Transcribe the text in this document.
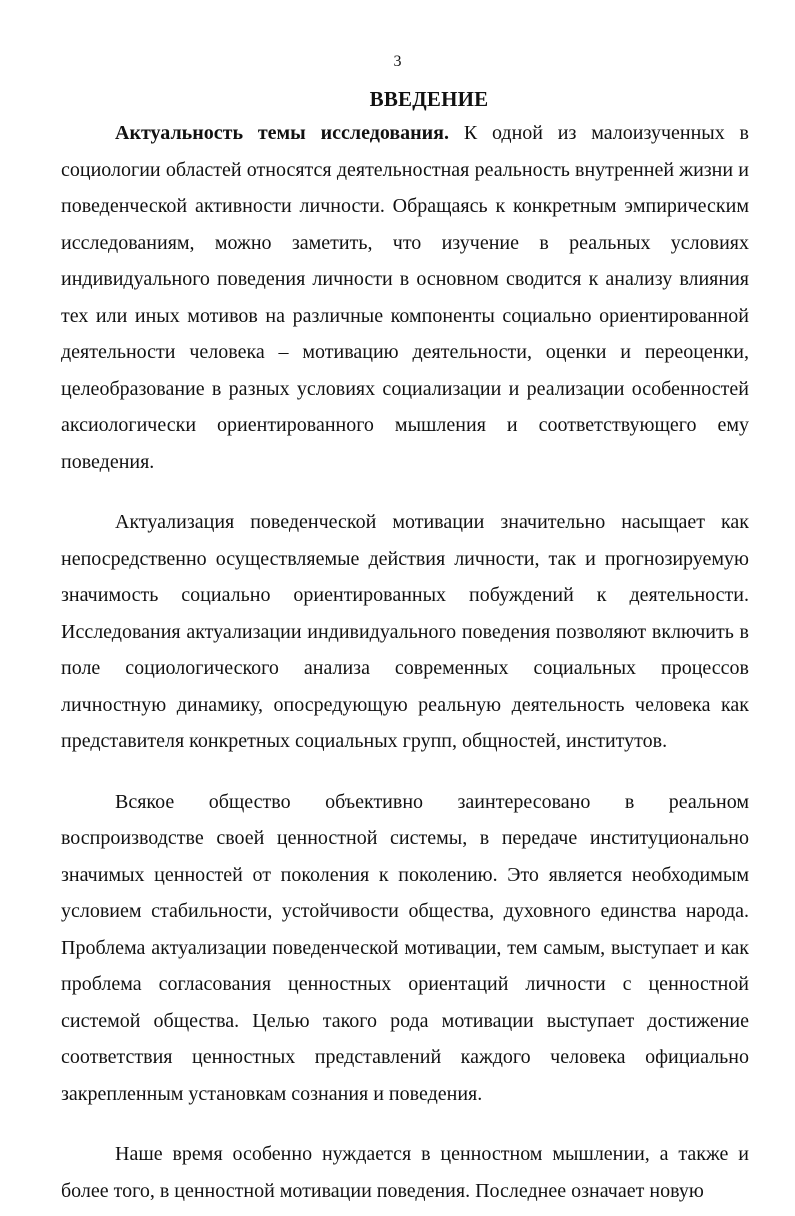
3
ВВЕДЕНИЕ

Актуальность темы исследования. К одной из малоизученных в социологии областей относятся деятельностная реальность внутренней жизни и поведенческой активности личности. Обращаясь к конкретным эмпирическим исследованиям, можно заметить, что изучение в реальных условиях индивидуального поведения личности в основном сводится к анализу влияния тех или иных мотивов на различные компоненты социально ориентированной деятельности человека – мотивацию деятельности, оценки и переоценки, целеобразование в разных условиях социализации и реализации особенностей аксиологически ориентированного мышления и соответствующего ему поведения.

Актуализация поведенческой мотивации значительно насыщает как непосредственно осуществляемые действия личности, так и прогнозируемую значимость социально ориентированных побуждений к деятельности. Исследования актуализации индивидуального поведения позволяют включить в поле социологического анализа современных социальных процессов личностную динамику, опосредующую реальную деятельность человека как представителя конкретных социальных групп, общностей, институтов.

Всякое общество объективно заинтересовано в реальном воспроизводстве своей ценностной системы, в передаче институционально значимых ценностей от поколения к поколению. Это является необходимым условием стабильности, устойчивости общества, духовного единства народа. Проблема актуализации поведенческой мотивации, тем самым, выступает и как проблема согласования ценностных ориентаций личности с ценностной системой общества. Целью такого рода мотивации выступает достижение соответствия ценностных представлений каждого человека официально закрепленным установкам сознания и поведения.

Наше время особенно нуждается в ценностном мышлении, а также и более того, в ценностной мотивации поведения. Последнее означает новую
